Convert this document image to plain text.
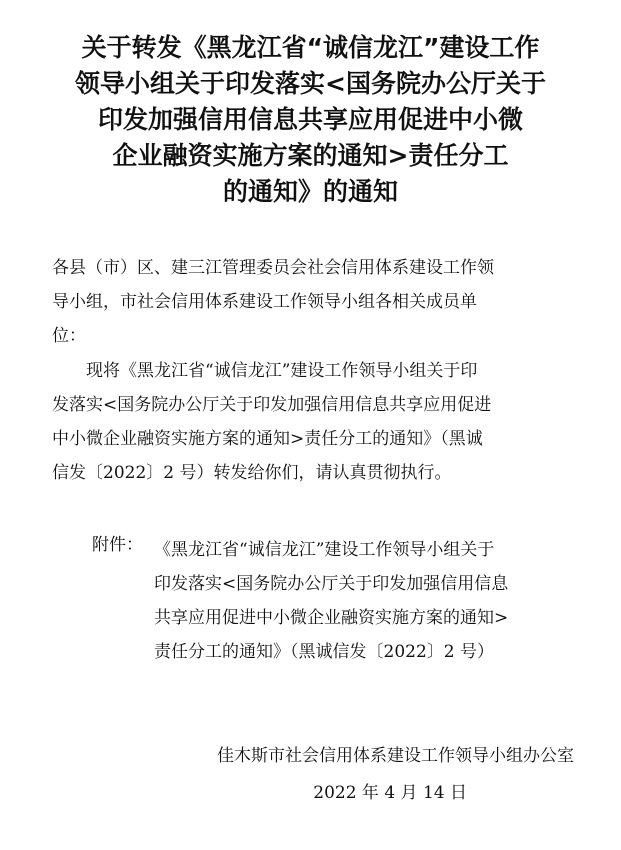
关于转发《黑龙江省“诚信龙江”建设工作
领导小组关于印发落实<国务院办公厅关于
印发加强信用信息共享应用促进中小微
企业融资实施方案的通知>责任分工
的通知》的通知
各县（市）区、建三江管理委员会社会信用体系建设工作领
导小组，市社会信用体系建设工作领导小组各相关成员单
位：
　　现将《黑龙江省“诚信龙江”建设工作领导小组关于印
发落实<国务院办公厅关于印发加强信用信息共享应用促进
中小微企业融资实施方案的通知>责任分工的通知》（黑诚
信发〔2022〕2 号）转发给你们，请认真贯彻执行。
附件： 《黑龙江省“诚信龙江”建设工作领导小组关于
印发落实<国务院办公厅关于印发加强信用信息
共享应用促进中小微企业融资实施方案的通知>
责任分工的通知》（黑诚信发〔2022〕2 号）
佳木斯市社会信用体系建设工作领导小组办公室
2022 年 4 月 14 日
